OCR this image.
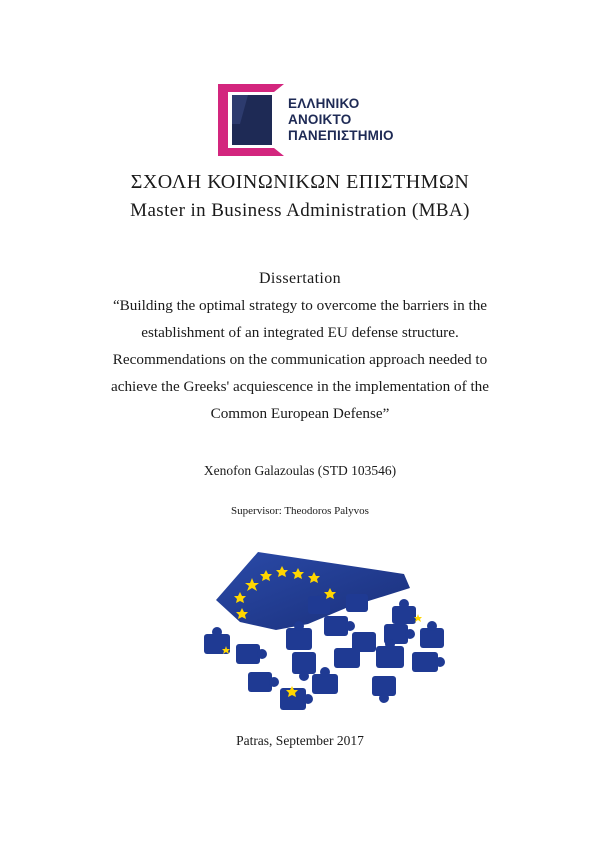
ΕΛΛΗΝΙΚΟ
ΑΝΟΙΚΤΟ
ΠΑΝΕΠΙΣΤΗΜΙΟ
ΣΧΟΛΗ ΚΟΙΝΩΝΙΚΩΝ ΕΠΙΣΤΗΜΩΝ
Master in Business Administration (MBA)
Dissertation
“Building the optimal strategy to overcome the barriers in the
establishment of an integrated EU defense structure.
Recommendations on the communication approach needed to
achieve the Greeks' acquiescence in the implementation of the
Common European Defense”
Xenofon Galazoulas (STD 103546)
Supervisor: Theodoros Palyvos
Patras, September 2017
